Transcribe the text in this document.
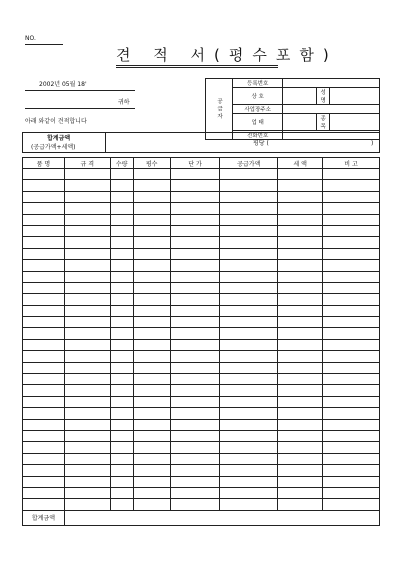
NO.
견 적 서(평수포함)
2002년 05월 18'
귀하
아래 와같이 견적합니다
공급자	등록번호			
	상 호		성명	
	사업장주소			
	업 태		종목	
	전화번호			
합계금액
(공급가액+세액)
평당 (	)
품 명	규 격	수량	평수	단 가	공급가액	세 액	비 고

합계금액							
